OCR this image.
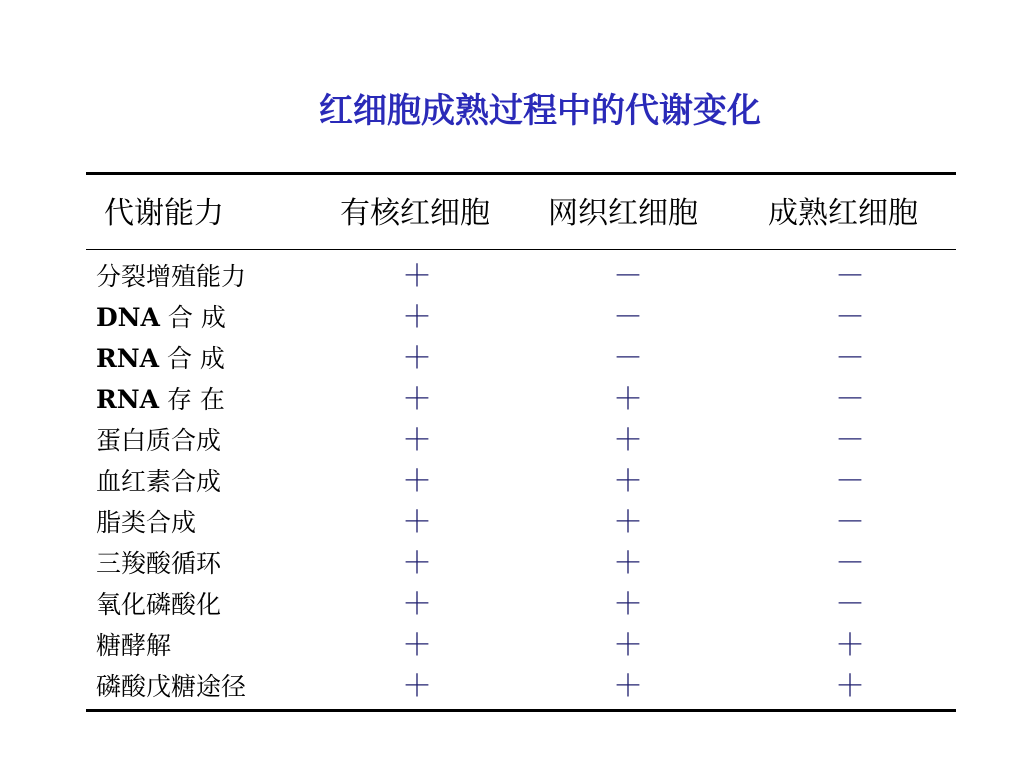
红细胞成熟过程中的代谢变化
代谢能力	有核红细胞	网织红细胞	成熟红细胞
分裂增殖能力	＋	－	－
DNA 合 成	＋	－	－
RNA 合 成	＋	－	－
RNA 存 在	＋	＋	－
蛋白质合成	＋	＋	－
血红素合成	＋	＋	－
脂类合成	＋	＋	－
三羧酸循环	＋	＋	－
氧化磷酸化	＋	＋	－
糖酵解	＋	＋	＋
磷酸戊糖途径	＋	＋	＋
